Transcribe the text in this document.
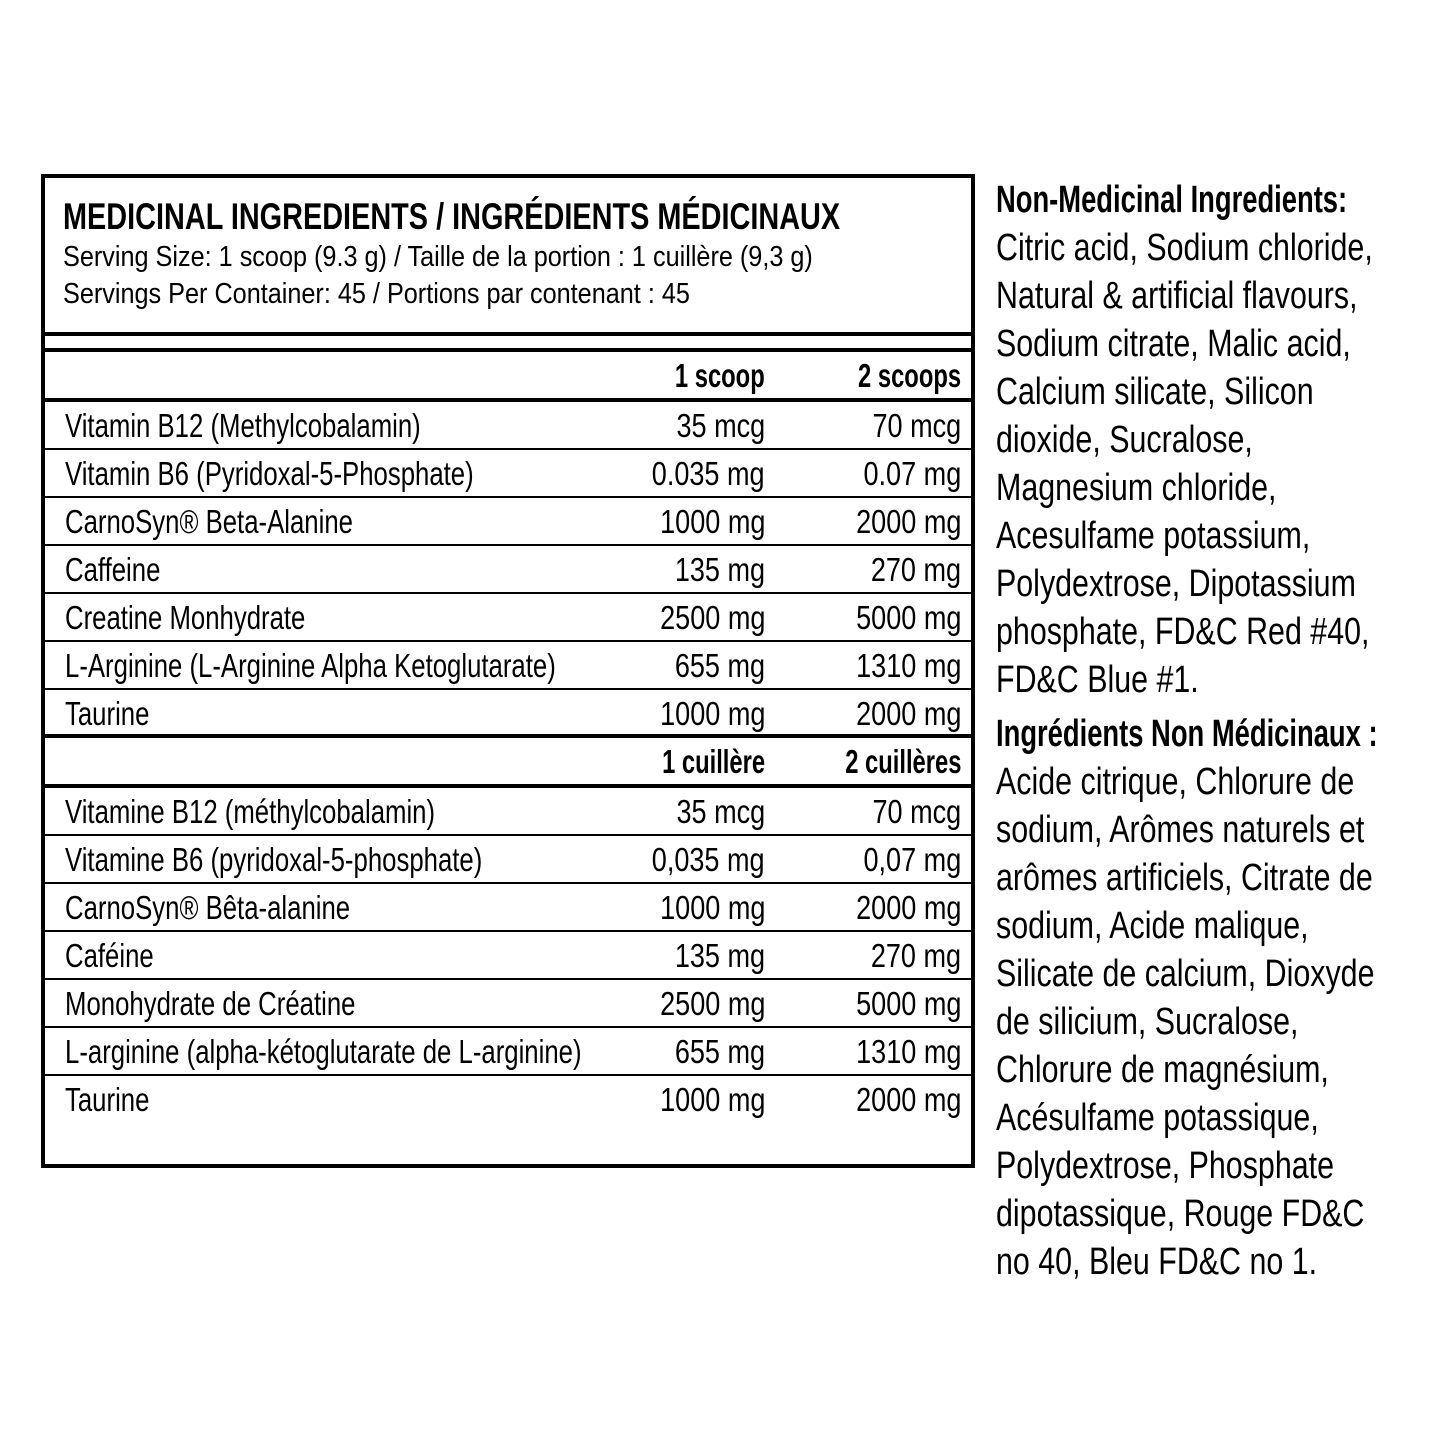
MEDICINAL INGREDIENTS / INGRÉDIENTS MÉDICINAUX
Serving Size: 1 scoop (9.3 g) / Taille de la portion : 1 cuillère (9,3 g)
Servings Per Container: 45 / Portions par contenant : 45
1 scoop	2 scoops
Vitamin B12 (Methylcobalamin)	35 mcg	70 mcg
Vitamin B6 (Pyridoxal-5-Phosphate)	0.035 mg	0.07 mg
CarnoSyn® Beta-Alanine	1000 mg	2000 mg
Caffeine	135 mg	270 mg
Creatine Monhydrate	2500 mg	5000 mg
L-Arginine (L-Arginine Alpha Ketoglutarate)	655 mg	1310 mg
Taurine	1000 mg	2000 mg
1 cuillère 2 cuillères
Vitamine B12 (méthylcobalamin)	35 mcg	70 mcg
Vitamine B6 (pyridoxal-5-phosphate)	0,035 mg	0,07 mg
CarnoSyn® Bêta-alanine	1000 mg	2000 mg
Caféine	135 mg	270 mg
Monohydrate de Créatine	2500 mg	5000 mg
L-arginine (alpha-kétoglutarate de L-arginine)	655 mg	1310 mg
Taurine	1000 mg	2000 mg
Non-Medicinal Ingredients:
Citric acid, Sodium chloride, Natural & artificial flavours, Sodium citrate, Malic acid, Calcium silicate, Silicon dioxide, Sucralose, Magnesium chloride, Acesulfame potassium, Polydextrose, Dipotassium phosphate, FD&C Red #40, FD&C Blue #1.
Ingrédients Non Médicinaux :
Acide citrique, Chlorure de sodium, Arômes naturels et arômes artificiels, Citrate de sodium, Acide malique, Silicate de calcium, Dioxyde de silicium, Sucralose, Chlorure de magnésium, Acésulfame potassique, Polydextrose, Phosphate dipotassique, Rouge FD&C no 40, Bleu FD&C no 1.
